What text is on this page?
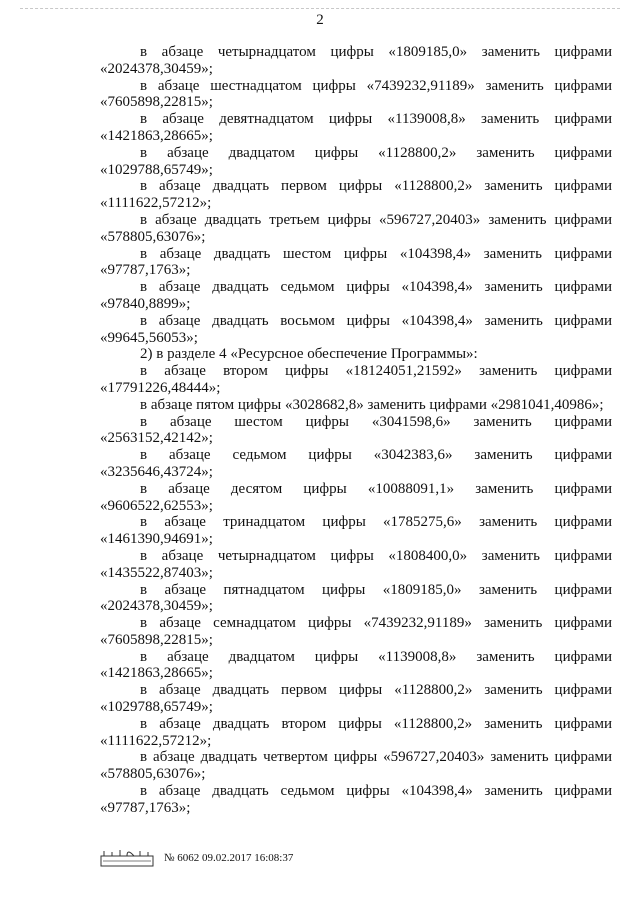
2
в абзаце четырнадцатом цифры «1809185,0» заменить цифрами
«2024378,30459»;
в абзаце шестнадцатом цифры «7439232,91189» заменить цифрами
«7605898,22815»;
в абзаце девятнадцатом цифры «1139008,8» заменить цифрами
«1421863,28665»;
в абзаце двадцатом цифры «1128800,2» заменить цифрами
«1029788,65749»;
в абзаце двадцать первом цифры «1128800,2» заменить цифрами
«1111622,57212»;
в абзаце двадцать третьем цифры «596727,20403» заменить цифрами
«578805,63076»;
в абзаце двадцать шестом цифры «104398,4» заменить цифрами
«97787,1763»;
в абзаце двадцать седьмом цифры «104398,4» заменить цифрами
«97840,8899»;
в абзаце двадцать восьмом цифры «104398,4» заменить цифрами
«99645,56053»;
2) в разделе 4 «Ресурсное обеспечение Программы»:
в абзаце втором цифры «18124051,21592» заменить цифрами
«17791226,48444»;
в абзаце пятом цифры «3028682,8» заменить цифрами «2981041,40986»;
в абзаце шестом цифры «3041598,6» заменить цифрами «2563152,42142»;
в абзаце седьмом цифры «3042383,6» заменить цифрами
«3235646,43724»;
в абзаце десятом цифры «10088091,1» заменить цифрами
«9606522,62553»;
в абзаце тринадцатом цифры «1785275,6» заменить цифрами
«1461390,94691»;
в абзаце четырнадцатом цифры «1808400,0» заменить цифрами
«1435522,87403»;
в абзаце пятнадцатом цифры «1809185,0» заменить цифрами
«2024378,30459»;
в абзаце семнадцатом цифры «7439232,91189» заменить цифрами
«7605898,22815»;
в абзаце двадцатом цифры «1139008,8» заменить цифрами
«1421863,28665»;
в абзаце двадцать первом цифры «1128800,2» заменить цифрами
«1029788,65749»;
в абзаце двадцать втором цифры «1128800,2» заменить цифрами
«1111622,57212»;
в абзаце двадцать четвертом цифры «596727,20403» заменить цифрами
«578805,63076»;
в абзаце двадцать седьмом цифры «104398,4» заменить цифрами
«97787,1763»;
№ 6062 09.02.2017 16:08:37
